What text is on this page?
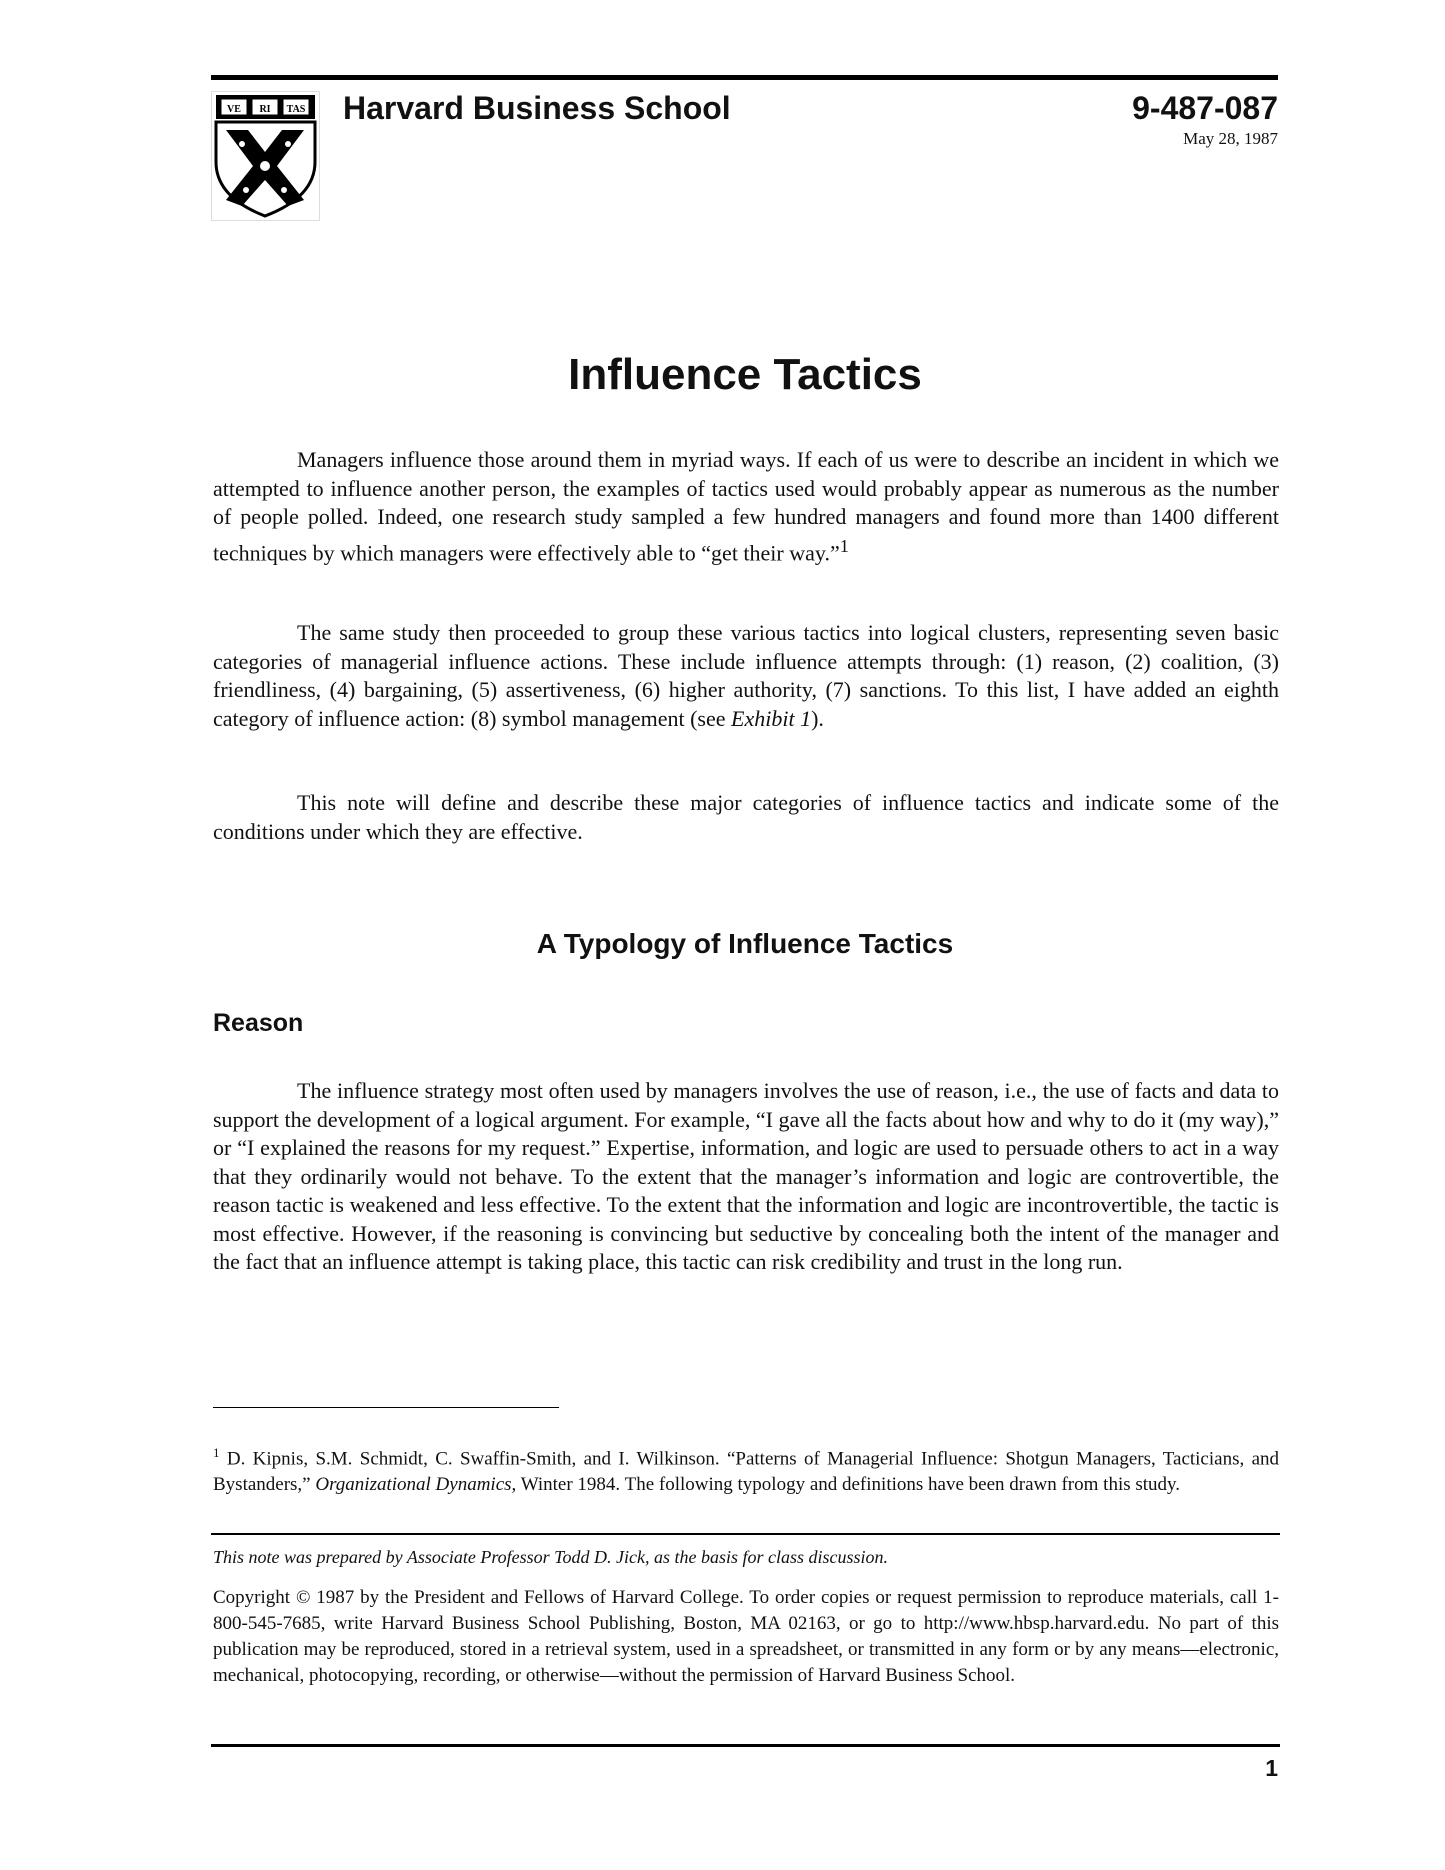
VE RI TAS Harvard Business School	9-487-087
May 28, 1987
Influence Tactics

Managers influence those around them in myriad ways. If each of us were to describe an incident in which we attempted to influence another person, the examples of tactics used would probably appear as numerous as the number of people polled. Indeed, one research study sampled a few hundred managers and found more than 1400 different techniques by which managers were effectively able to “get their way.”$^1$

The same study then proceeded to group these various tactics into logical clusters, representing seven basic categories of managerial influence actions. These include influence attempts through: (1) reason, (2) coalition, (3) friendliness, (4) bargaining, (5) assertiveness, (6) higher authority, (7) sanctions. To this list, I have added an eighth category of influence action: (8) symbol management (see Exhibit 1).

This note will define and describe these major categories of influence tactics and indicate some of the conditions under which they are effective.

A Typology of Influence Tactics
Reason

The influence strategy most often used by managers involves the use of reason, i.e., the use of facts and data to support the development of a logical argument. For example, “I gave all the facts about how and why to do it (my way),” or “I explained the reasons for my request.” Expertise, information, and logic are used to persuade others to act in a way that they ordinarily would not behave. To the extent that the manager’s information and logic are controvertible, the reason tactic is weakened and less effective. To the extent that the information and logic are incontrovertible, the tactic is most effective. However, if the reasoning is convincing but seductive by concealing both the intent of the manager and the fact that an influence attempt is taking place, this tactic can risk credibility and trust in the long run.

$^1$ D. Kipnis, S.M. Schmidt, C. Swaffin-Smith, and I. Wilkinson. “Patterns of Managerial Influence: Shotgun Managers, Tacticians, and Bystanders,” Organizational Dynamics, Winter 1984. The following typology and definitions have been drawn from this study.
This note was prepared by Associate Professor Todd D. Jick, as the basis for class discussion.
Copyright © 1987 by the President and Fellows of Harvard College. To order copies or request permission to reproduce materials, call 1-800-545-7685, write Harvard Business School Publishing, Boston, MA 02163, or go to http://www.hbsp.harvard.edu. No part of this publication may be reproduced, stored in a retrieval system, used in a spreadsheet, or transmitted in any form or by any means—electronic, mechanical, photocopying, recording, or otherwise—without the permission of Harvard Business School.
1
